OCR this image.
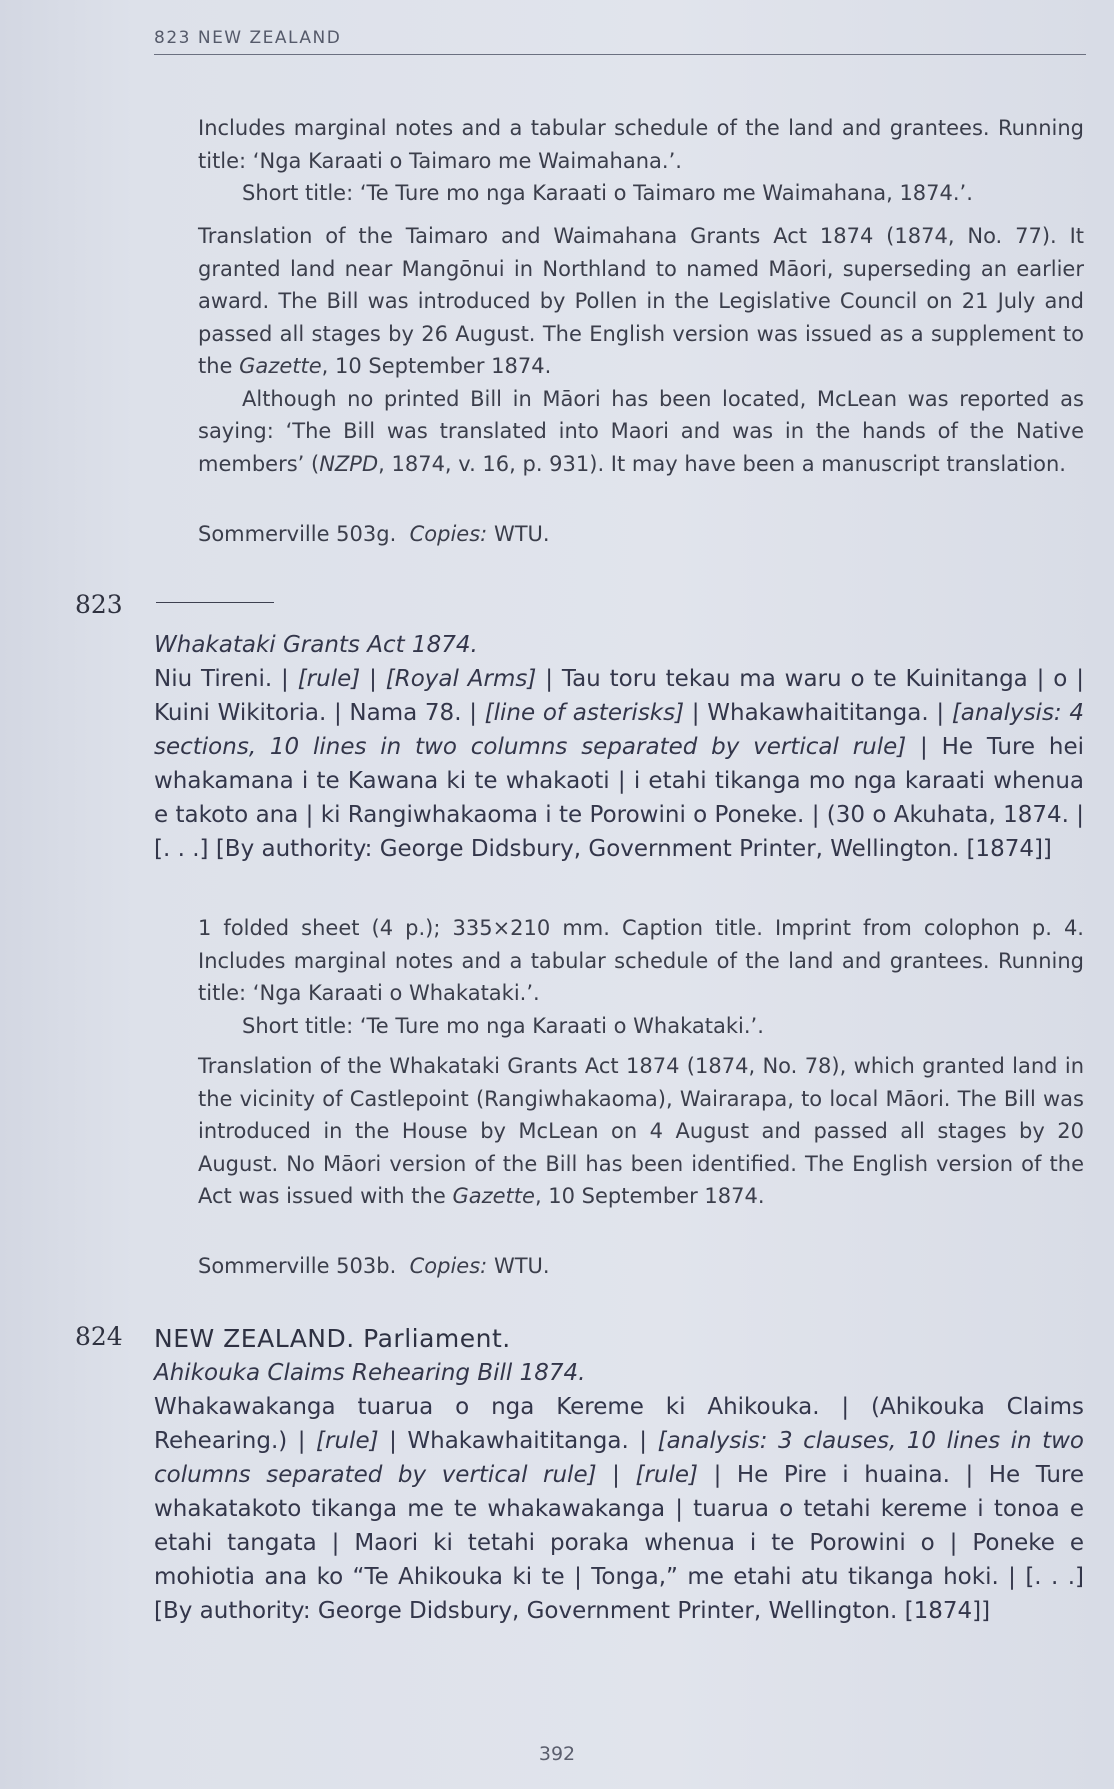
823 NEW ZEALAND

Includes marginal notes and a tabular schedule of the land and grantees. Running title: ‘Nga Karaati o Taimaro me Waimahana.’.

Short title: ‘Te Ture mo nga Karaati o Taimaro me Waimahana, 1874.’.

Translation of the Taimaro and Waimahana Grants Act 1874 (1874, No. 77). It granted land near Mangōnui in Northland to named Māori, superseding an earlier award. The Bill was introduced by Pollen in the Legislative Council on 21 July and passed all stages by 26 August. The English version was issued as a supplement to the Gazette, 10 September 1874.

Although no printed Bill in Māori has been located, McLean was reported as saying: ‘The Bill was translated into Maori and was in the hands of the Native members’ (NZPD, 1874, v. 16, p. 931). It may have been a manuscript translation.

Sommerville 503g. Copies: WTU.

823

Whakataki Grants Act 1874.

Niu Tireni. | [rule] | [Royal Arms] | Tau toru tekau ma waru o te Kuinitanga | o | Kuini Wikitoria. | Nama 78. | [line of asterisks] | Whakawhaititanga. | [analysis: 4 sections, 10 lines in two columns separated by vertical rule] | He Ture hei whakamana i te Kawana ki te whakaoti | i etahi tikanga mo nga karaati whenua e takoto ana | ki Rangiwhakaoma i te Porowini o Poneke. | (30 o Akuhata, 1874. | [. . .] [By authority: George Didsbury, Government Printer, Wellington. [1874]]

1 folded sheet (4 p.); 335×210 mm. Caption title. Imprint from colophon p. 4. Includes marginal notes and a tabular schedule of the land and grantees. Running title: ‘Nga Karaati o Whakataki.’.

Short title: ‘Te Ture mo nga Karaati o Whakataki.’.

Translation of the Whakataki Grants Act 1874 (1874, No. 78), which granted land in the vicinity of Castlepoint (Rangiwhakaoma), Wairarapa, to local Māori. The Bill was introduced in the House by McLean on 4 August and passed all stages by 20 August. No Māori version of the Bill has been identified. The English version of the Act was issued with the Gazette, 10 September 1874.

Sommerville 503b. Copies: WTU.

824 NEW ZEALAND. Parliament.

Ahikouka Claims Rehearing Bill 1874.

Whakawakanga tuarua o nga Kereme ki Ahikouka. | (Ahikouka Claims Rehearing.) | [rule] | Whakawhaititanga. | [analysis: 3 clauses, 10 lines in two columns separated by vertical rule] | [rule] | He Pire i huaina. | He Ture whakatakoto tikanga me te whakawakanga | tuarua o tetahi kereme i tonoa e etahi tangata | Maori ki tetahi poraka whenua i te Porowini o | Poneke e mohiotia ana ko “Te Ahikouka ki te | Tonga,” me etahi atu tikanga hoki. | [. . .] [By authority: George Didsbury, Government Printer, Wellington. [1874]]

392
